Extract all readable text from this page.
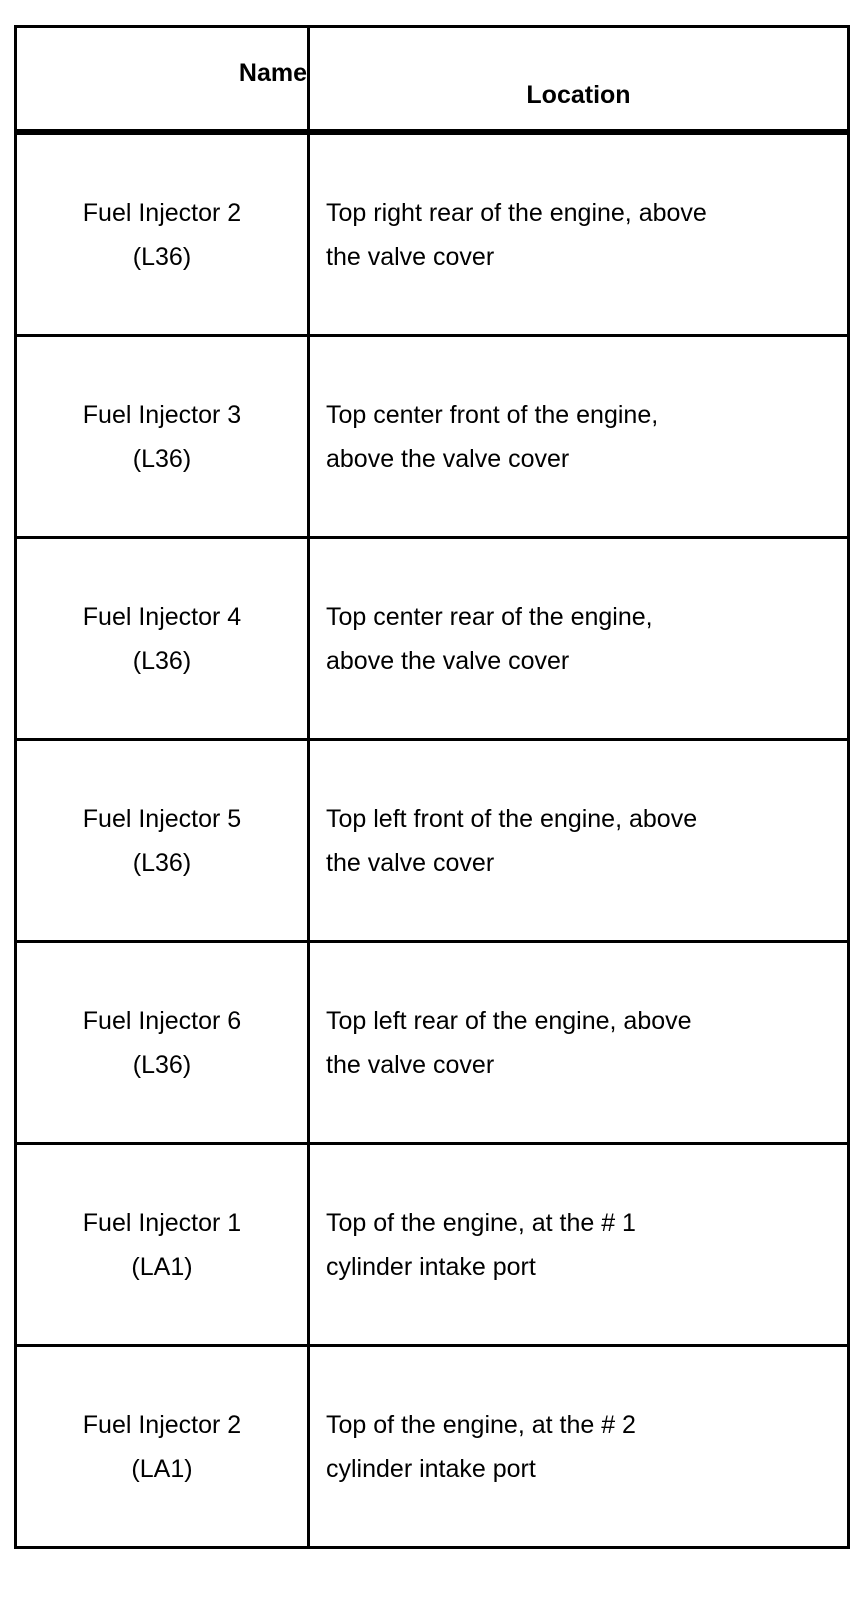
Name
Location
Fuel Injector 2
(L36)
Top right rear of the engine, above
the valve cover
Fuel Injector 3
(L36)
Top center front of the engine,
above the valve cover
Fuel Injector 4
(L36)
Top center rear of the engine,
above the valve cover
Fuel Injector 5
(L36)
Top left front of the engine, above
the valve cover
Fuel Injector 6
(L36)
Top left rear of the engine, above
the valve cover
Fuel Injector 1
(LA1)
Top of the engine, at the # 1
cylinder intake port
Fuel Injector 2
(LA1)
Top of the engine, at the # 2
cylinder intake port
